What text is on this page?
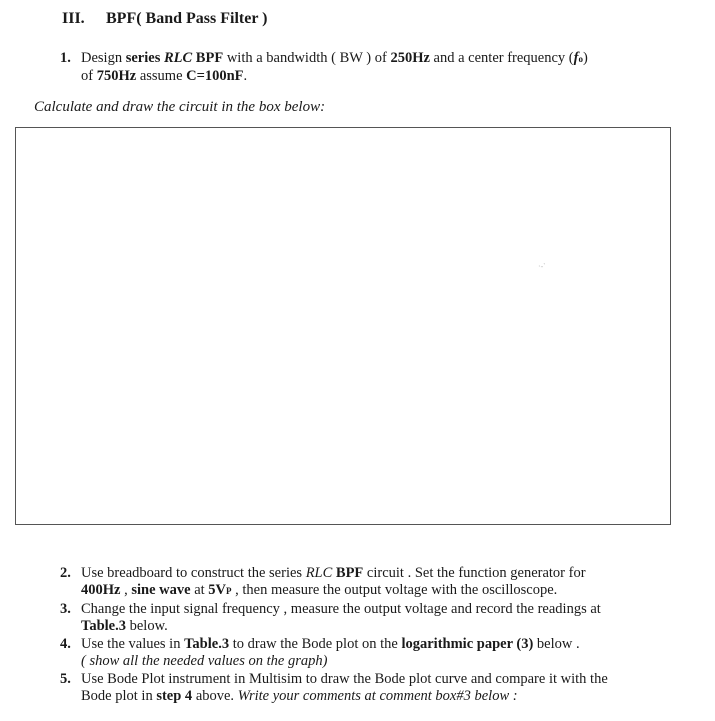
III. BPF( Band Pass Filter )
1. Design series RLC BPF with a bandwidth ( BW ) of 250Hz and a center frequency (fo)
of 750Hz assume C=100nF.
Calculate and draw the circuit in the box below:
·-‵
2. Use breadboard to construct the series RLC BPF circuit . Set the function generator for
400Hz , sine wave at 5VP , then measure the output voltage with the oscilloscope.
3. Change the input signal frequency , measure the output voltage and record the readings at
Table.3 below.
4. Use the values in Table.3 to draw the Bode plot on the logarithmic paper (3) below .
( show all the needed values on the graph)
5. Use Bode Plot instrument in Multisim to draw the Bode plot curve and compare it with the
Bode plot in step 4 above. Write your comments at comment box#3 below :
